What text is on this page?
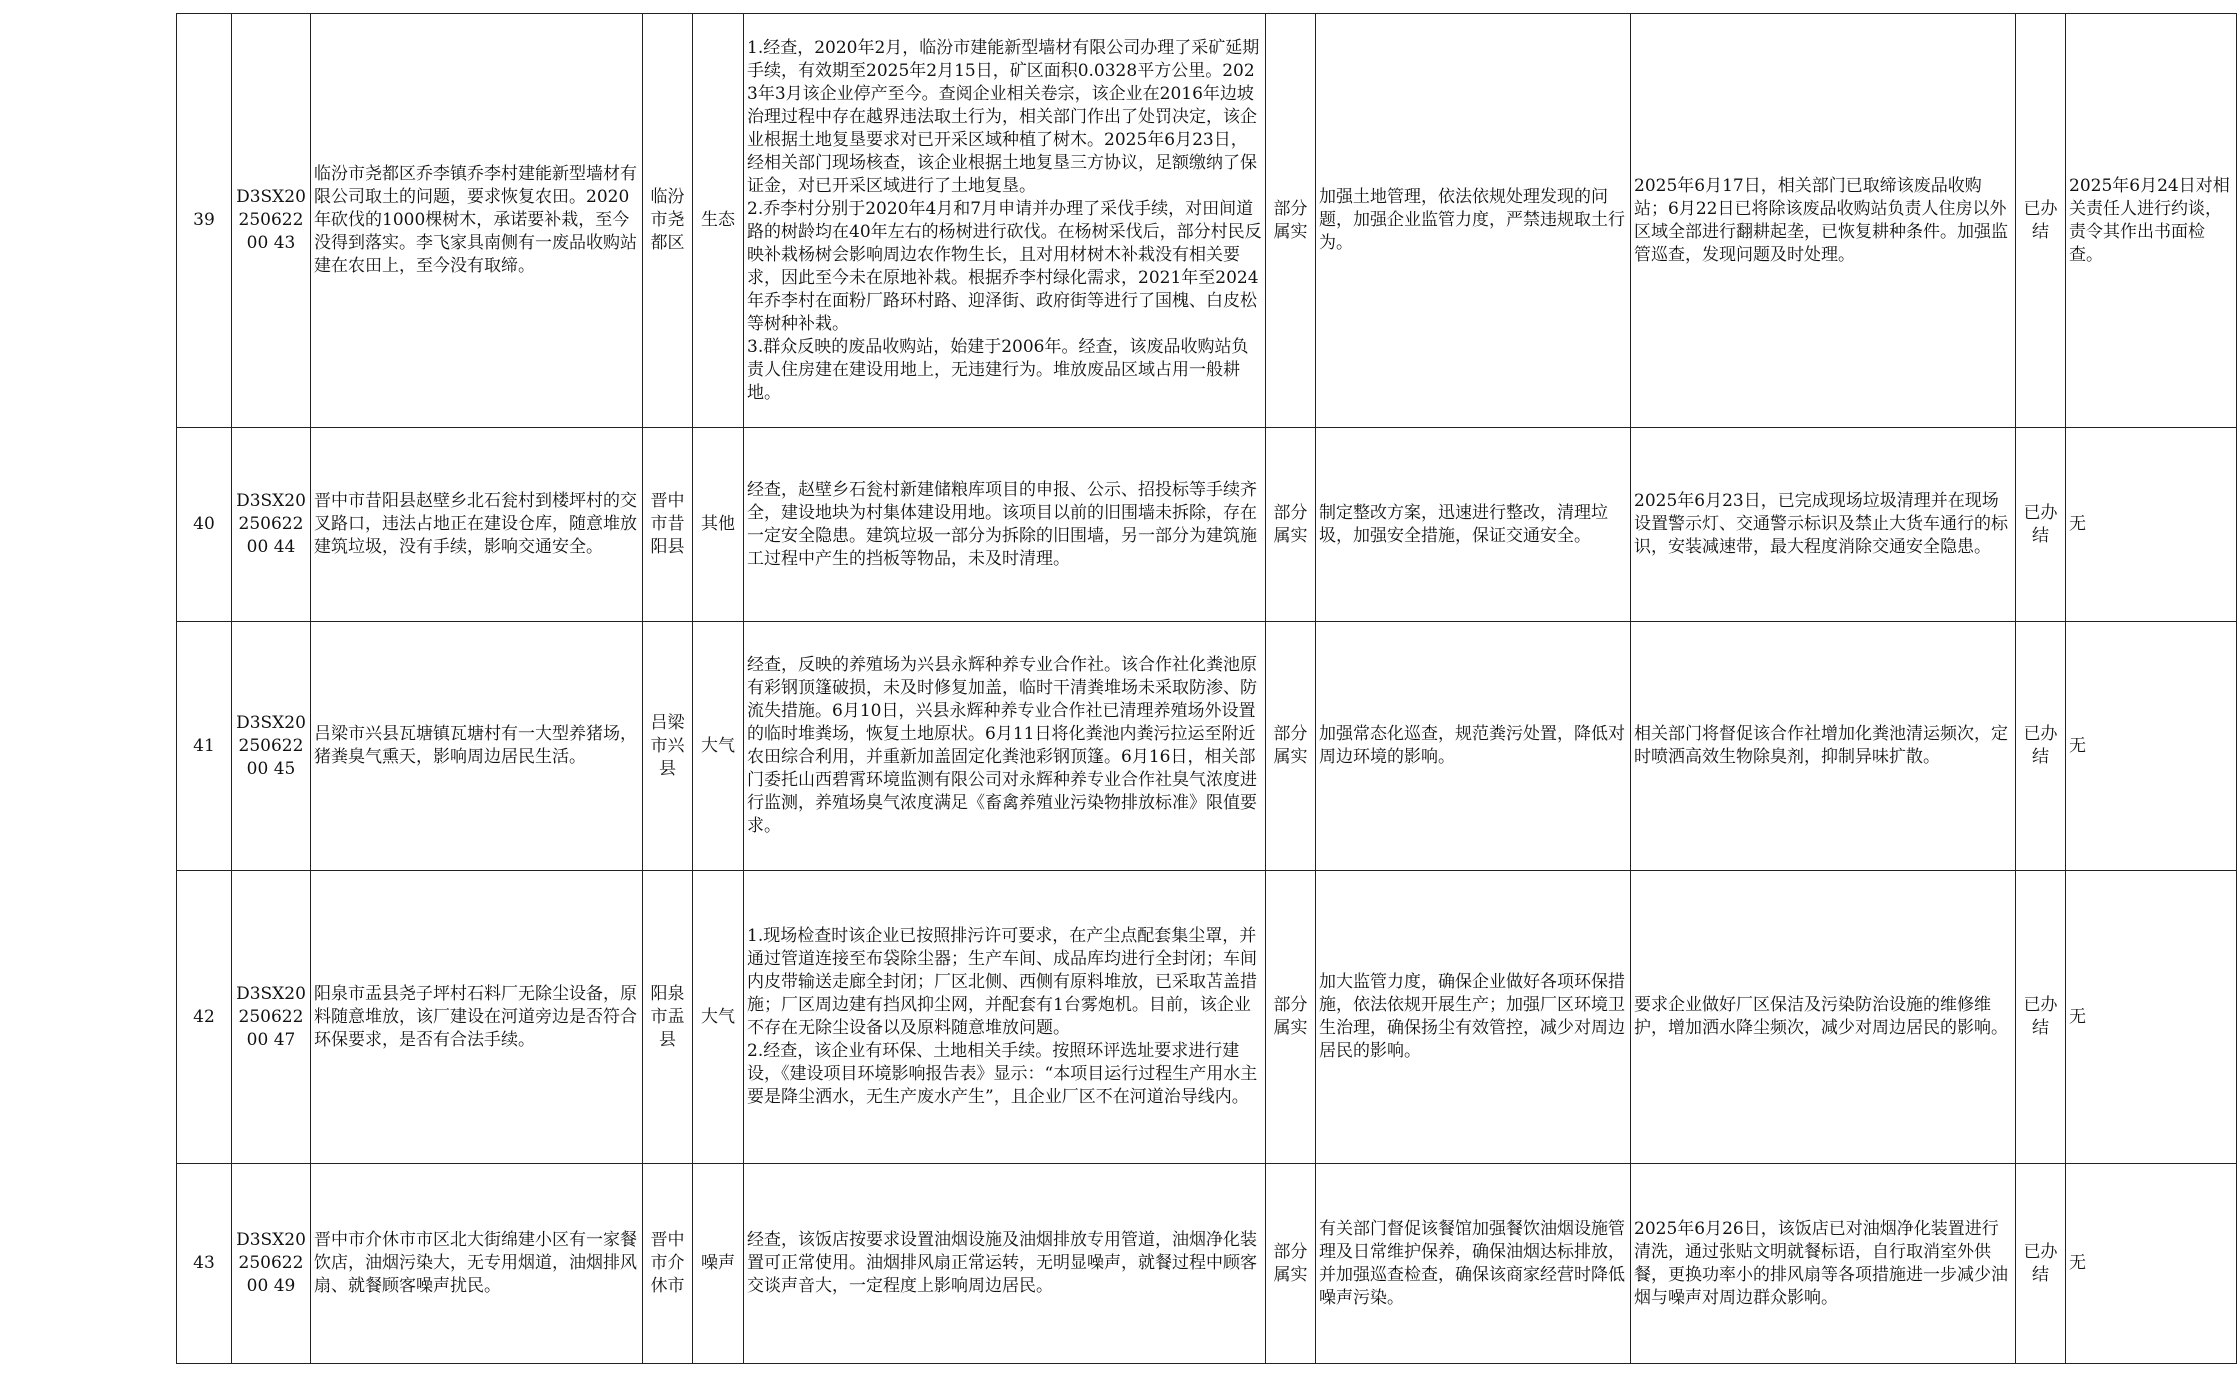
39	D3SX2025062200 43	临汾市尧都区乔李镇乔李村建能新型墙材有限公司取土的问题，要求恢复农田。2020年砍伐的1000棵树木，承诺要补栽，至今没得到落实。李飞家具南侧有一废品收购站建在农田上，至今没有取缔。	临汾市尧都区	生态	1.经查，2020年2月，临汾市建能新型墙材有限公司办理了采矿延期手续，有效期至2025年2月15日，矿区面积0.0328平方公里。2023年3月该企业停产至今。查阅企业相关卷宗，该企业在2016年边坡治理过程中存在越界违法取土行为，相关部门作出了处罚决定，该企业根据土地复垦要求对已开采区域种植了树木。2025年6月23日，经相关部门现场核查，该企业根据土地复垦三方协议，足额缴纳了保证金，对已开采区域进行了土地复垦。
2.乔李村分别于2020年4月和7月申请并办理了采伐手续，对田间道路的树龄均在40年左右的杨树进行砍伐。在杨树采伐后，部分村民反映补栽杨树会影响周边农作物生长，且对用材树木补栽没有相关要求，因此至今未在原地补栽。根据乔李村绿化需求，2021年至2024年乔李村在面粉厂路环村路、迎泽街、政府街等进行了国槐、白皮松等树种补栽。
3.群众反映的废品收购站，始建于2006年。经查，该废品收购站负责人住房建在建设用地上，无违建行为。堆放废品区域占用一般耕地。	部分属实	加强土地管理，依法依规处理发现的问题，加强企业监管力度，严禁违规取土行为。	2025年6月17日，相关部门已取缔该废品收购站；6月22日已将除该废品收购站负责人住房以外区域全部进行翻耕起垄，已恢复耕种条件。加强监管巡查，发现问题及时处理。	已办结	2025年6月24日对相关责任人进行约谈，责令其作出书面检查。
40	D3SX2025062200 44	晋中市昔阳县赵壁乡北石瓮村到楼坪村的交叉路口，违法占地正在建设仓库，随意堆放建筑垃圾，没有手续，影响交通安全。	晋中市昔阳县	其他	经查，赵壁乡石瓮村新建储粮库项目的申报、公示、招投标等手续齐全，建设地块为村集体建设用地。该项目以前的旧围墙未拆除，存在一定安全隐患。建筑垃圾一部分为拆除的旧围墙，另一部分为建筑施工过程中产生的挡板等物品，未及时清理。	部分属实	制定整改方案，迅速进行整改，清理垃圾，加强安全措施，保证交通安全。	2025年6月23日，已完成现场垃圾清理并在现场设置警示灯、交通警示标识及禁止大货车通行的标识，安装减速带，最大程度消除交通安全隐患。	已办结	无
41	D3SX2025062200 45	吕梁市兴县瓦塘镇瓦塘村有一大型养猪场，猪粪臭气熏天，影响周边居民生活。	吕梁市兴县	大气	经查，反映的养殖场为兴县永辉种养专业合作社。该合作社化粪池原有彩钢顶篷破损，未及时修复加盖，临时干清粪堆场未采取防渗、防流失措施。6月10日，兴县永辉种养专业合作社已清理养殖场外设置的临时堆粪场，恢复土地原状。6月11日将化粪池内粪污拉运至附近农田综合利用，并重新加盖固定化粪池彩钢顶篷。6月16日，相关部门委托山西碧霄环境监测有限公司对永辉种养专业合作社臭气浓度进行监测，养殖场臭气浓度满足《畜禽养殖业污染物排放标准》限值要求。	部分属实	加强常态化巡查，规范粪污处置，降低对周边环境的影响。	相关部门将督促该合作社增加化粪池清运频次，定时喷洒高效生物除臭剂，抑制异味扩散。	已办结	无
42	D3SX2025062200 47	阳泉市盂县尧子坪村石料厂无除尘设备，原料随意堆放，该厂建设在河道旁边是否符合环保要求，是否有合法手续。	阳泉市盂县	大气	1.现场检查时该企业已按照排污许可要求，在产尘点配套集尘罩，并通过管道连接至布袋除尘器；生产车间、成品库均进行全封闭；车间内皮带输送走廊全封闭；厂区北侧、西侧有原料堆放，已采取苫盖措施；厂区周边建有挡风抑尘网，并配套有1台雾炮机。目前，该企业不存在无除尘设备以及原料随意堆放问题。
2.经查，该企业有环保、土地相关手续。按照环评选址要求进行建设，《建设项目环境影响报告表》显示：“本项目运行过程生产用水主要是降尘洒水，无生产废水产生”，且企业厂区不在河道治导线内。	部分属实	加大监管力度，确保企业做好各项环保措施，依法依规开展生产；加强厂区环境卫生治理，确保扬尘有效管控，减少对周边居民的影响。	要求企业做好厂区保洁及污染防治设施的维修维护，增加洒水降尘频次，减少对周边居民的影响。	已办结	无
43	D3SX2025062200 49	晋中市介休市市区北大街绵建小区有一家餐饮店，油烟污染大，无专用烟道，油烟排风扇、就餐顾客噪声扰民。	晋中市介休市	噪声	经查，该饭店按要求设置油烟设施及油烟排放专用管道，油烟净化装置可正常使用。油烟排风扇正常运转，无明显噪声，就餐过程中顾客交谈声音大，一定程度上影响周边居民。	部分属实	有关部门督促该餐馆加强餐饮油烟设施管理及日常维护保养，确保油烟达标排放，并加强巡查检查，确保该商家经营时降低噪声污染。	2025年6月26日，该饭店已对油烟净化装置进行清洗，通过张贴文明就餐标语，自行取消室外供餐，更换功率小的排风扇等各项措施进一步减少油烟与噪声对周边群众影响。	已办结	无
